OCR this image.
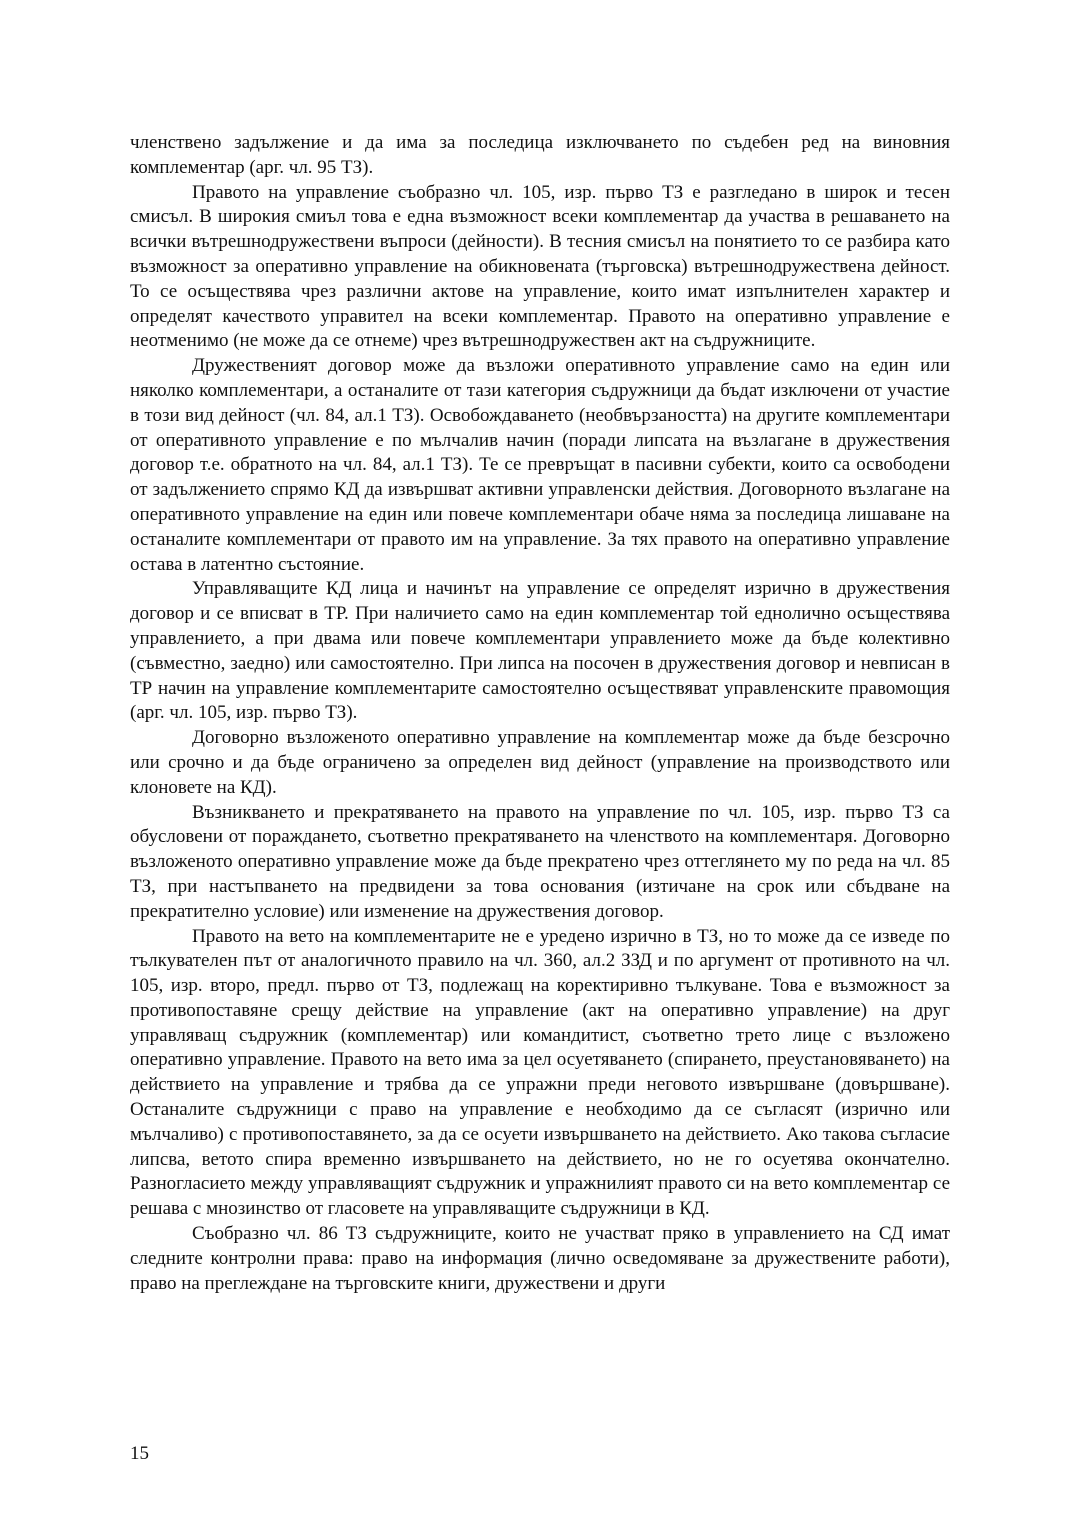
членствено задължение и да има за последица изключването по съдебен ред на виновния комплементар (арг. чл. 95 ТЗ).

Правото на управление съобразно чл. 105, изр. първо ТЗ е разгледано в широк и тесен смисъл. В широкия смиъл това е една възможност всеки комплементар да участва в решаването на всички вътрешнодружествени въпроси (дейности). В тесния смисъл на понятието то се разбира като възможност за оперативно управление на обикновената (търговска) вътрешнодружествена дейност. То се осъществява чрез различни актове на управление, които имат изпълнителен характер и определят качеството управител на всеки комплементар. Правото на оперативно управление е неотменимо (не може да се отнеме) чрез вътрешнодружествен акт на съдружниците.

Дружественият договор може да възложи оперативното управление само на един или няколко комплементари, а останалите от тази категория съдружници да бъдат изключени от участие в този вид дейност (чл. 84, ал.1 ТЗ). Освобождаването (необвързаността) на другите комплементари от оперативното управление е по мълчалив начин (поради липсата на възлагане в дружествения договор т.е. обратното на чл. 84, ал.1 ТЗ). Те се превръщат в пасивни субекти, които са освободени от задължението спрямо КД да извършват активни управленски действия. Договорното възлагане на оперативното управление на един или повече комплементари обаче няма за последица лишаване на останалите комплементари от правото им на управление. За тях правото на оперативно управление остава в латентно състояние.

Управляващите КД лица и начинът на управление се определят изрично в дружествения договор и се вписват в ТР. При наличието само на един комплементар той еднолично осъществява управлението, а при двама или повече комплементари управлението може да бъде колективно (съвместно, заедно) или самостоятелно. При липса на посочен в дружествения договор и невписан в ТР начин на управление комплементарите самостоятелно осъществяват управленските правомощия (арг. чл. 105, изр. първо ТЗ).

Договорно възложеното оперативно управление на комплементар може да бъде безсрочно или срочно и да бъде ограничено за определен вид дейност (управление на производството или клоновете на КД).

Възникването и прекратяването на правото на управление по чл. 105, изр. първо ТЗ са обусловени от пораждането, съответно прекратяването на членството на комплементаря. Договорно възложеното оперативно управление може да бъде прекратено чрез оттеглянето му по реда на чл. 85 ТЗ, при настъпването на предвидени за това основания (изтичане на срок или сбъдване на прекратително условие) или изменение на дружествения договор.

Правото на вето на комплементарите не е уредено изрично в ТЗ, но то може да се изведе по тълкувателен път от аналогичното правило на чл. 360, ал.2 ЗЗД и по аргумент от противното на чл. 105, изр. второ, предл. първо от ТЗ, подлежащ на коректиривно тълкуване. Това е възможност за противопоставяне срещу действие на управление (акт на оперативно управление) на друг управляващ съдружник (комплементар) или командитист, съответно трето лице с възложено оперативно управление. Правото на вето има за цел осуетяването (спирането, преустановяването) на действието на управление и трябва да се упражни преди неговото извършване (довършване). Останалите съдружници с право на управление е необходимо да се съгласят (изрично или мълчаливо) с противопоставянето, за да се осуети извършването на действието. Ако такова съгласие липсва, ветото спира временно извършването на действието, но не го осуетява окончателно. Разногласието между управляващият съдружник и упражнилият правото си на вето комплементар се решава с мнозинство от гласовете на управляващите съдружници в КД.

Съобразно чл. 86 ТЗ съдружниците, които не участват пряко в управлението на СД имат следните контролни права: право на информация (лично осведомяване за дружествените работи), право на преглеждане на търговските книги, дружествени и други

15
